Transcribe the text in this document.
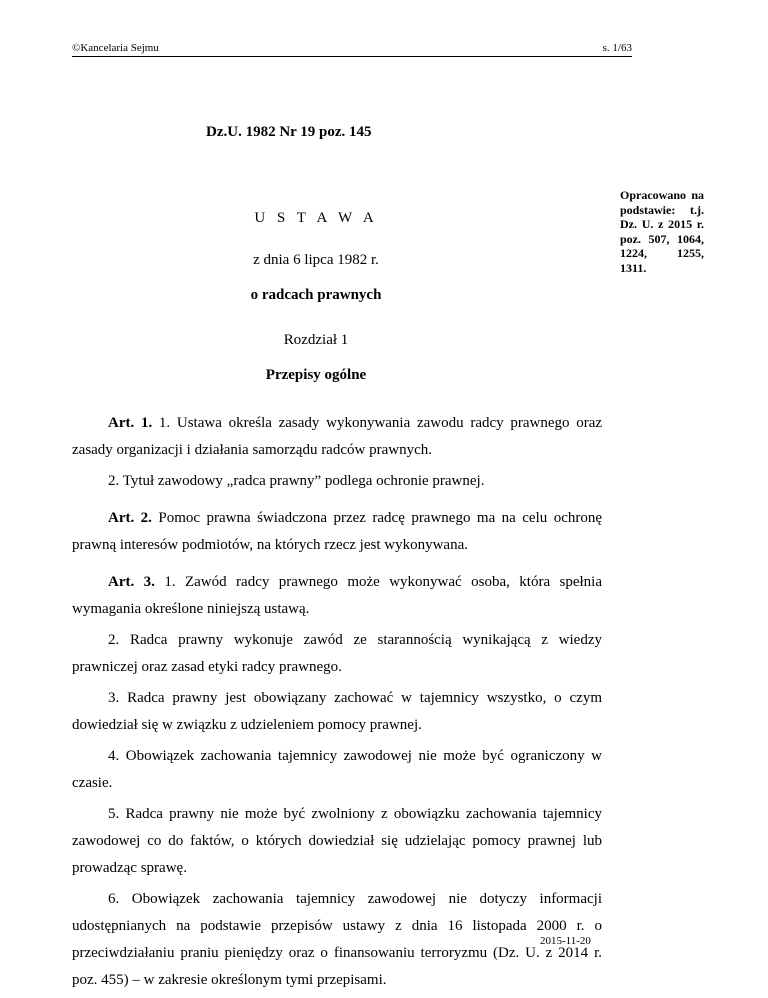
©Kancelaria Sejmu	s. 1/63
Dz.U. 1982 Nr 19 poz. 145
Opracowano na podstawie: t.j. Dz. U. z 2015 r. poz. 507, 1064, 1224, 1255, 1311.
U S T A W A
z dnia 6 lipca 1982 r.
o radcach prawnych
Rozdział 1
Przepisy ogólne

Art. 1. 1. Ustawa określa zasady wykonywania zawodu radcy prawnego oraz zasady organizacji i działania samorządu radców prawnych.

2. Tytuł zawodowy „radca prawny” podlega ochronie prawnej.

Art. 2. Pomoc prawna świadczona przez radcę prawnego ma na celu ochronę prawną interesów podmiotów, na których rzecz jest wykonywana.

Art. 3. 1. Zawód radcy prawnego może wykonywać osoba, która spełnia wymagania określone niniejszą ustawą.

2. Radca prawny wykonuje zawód ze starannością wynikającą z wiedzy prawniczej oraz zasad etyki radcy prawnego.

3. Radca prawny jest obowiązany zachować w tajemnicy wszystko, o czym dowiedział się w związku z udzieleniem pomocy prawnej.

4. Obowiązek zachowania tajemnicy zawodowej nie może być ograniczony w czasie.

5. Radca prawny nie może być zwolniony z obowiązku zachowania tajemnicy zawodowej co do faktów, o których dowiedział się udzielając pomocy prawnej lub prowadząc sprawę.

6. Obowiązek zachowania tajemnicy zawodowej nie dotyczy informacji udostępnianych na podstawie przepisów ustawy z dnia 16 listopada 2000 r. o przeciwdziałaniu praniu pieniędzy oraz o finansowaniu terroryzmu (Dz. U. z 2014 r. poz. 455) – w zakresie określonym tymi przepisami.

2015-11-20
